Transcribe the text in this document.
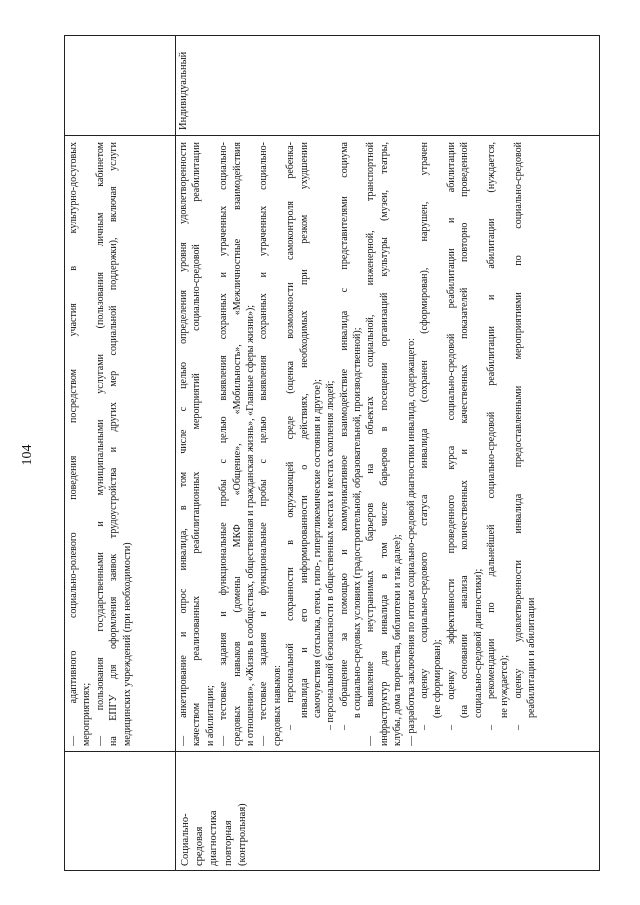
104	— адаптивного социально-ролевого поведения посредством участия в культурно-досуговых мероприятиях; — пользования государственными и муниципальными услугами (пользования личным кабинетом на ЕПГУ для оформления заявок трудоустройства и других мер социальной поддержки), включая услуги медицинских учреждений (при необходимости)
Социально- средовая диагностика повторная (контрольная)
— анкетирование и опрос инвалида, в том числе с целью определения уровня удовлетворенности качеством реализованных реабилитационных мероприятий социально-средовой реабилитации и абилитации; — тестовые задания и функциональные пробы с целью выявления сохранных и утраченных социально- средовых навыков (домены МКФ «Общение», «Мобильность», «Межличностные взаимодействия и отношения», «Жизнь в сообществах, общественная и гражданская жизнь», «Главные сферы жизни»); — тестовые задания и функциональные пробы с целью выявления сохранных и утраченных социально- средовых навыков: – персональной сохранности в окружающей среде (оценка возможности самоконтроля ребенка- инвалида и его информированности о действиях, необходимых при резком ухудшении самочувствия (отсылка, отеки, гипо-, гипергликемические состояния и другое); – персональной безопасности в общественных местах и местах скопления людей; – обращение за помощью и коммуникативное взаимодействие инвалида с представителями социума в социально-средовых условиях (градостроительной, образовательной, производственной); — выявление неустранимых барьеров на объектах социальной, инженерной, транспортной инфраструктур для инвалида в том числе барьеров в посещении организаций культуры (музеи, театры, клубы, дома творчества, библиотеки и так далее); — разработка заключения по итогам социально-средовой диагностики инвалида, содержащего: – оценку социально-средового статуса инвалида (сохранен (сформирован), нарушен, утрачен (не сформирован); – оценку эффективности проведенного курса социально-средовой реабилитации и абилитации (на основании анализа количественных и качественных показателей повторно проведенной социально-средовой диагностики); – рекомендации по дальнейшей социально-средовой реабилитации и абилитации (нуждается, не нуждается); – оценку удовлетворенности инвалида предоставленными мероприятиями по социально-средовой реабилитации и абилитации
Индивидуальный
